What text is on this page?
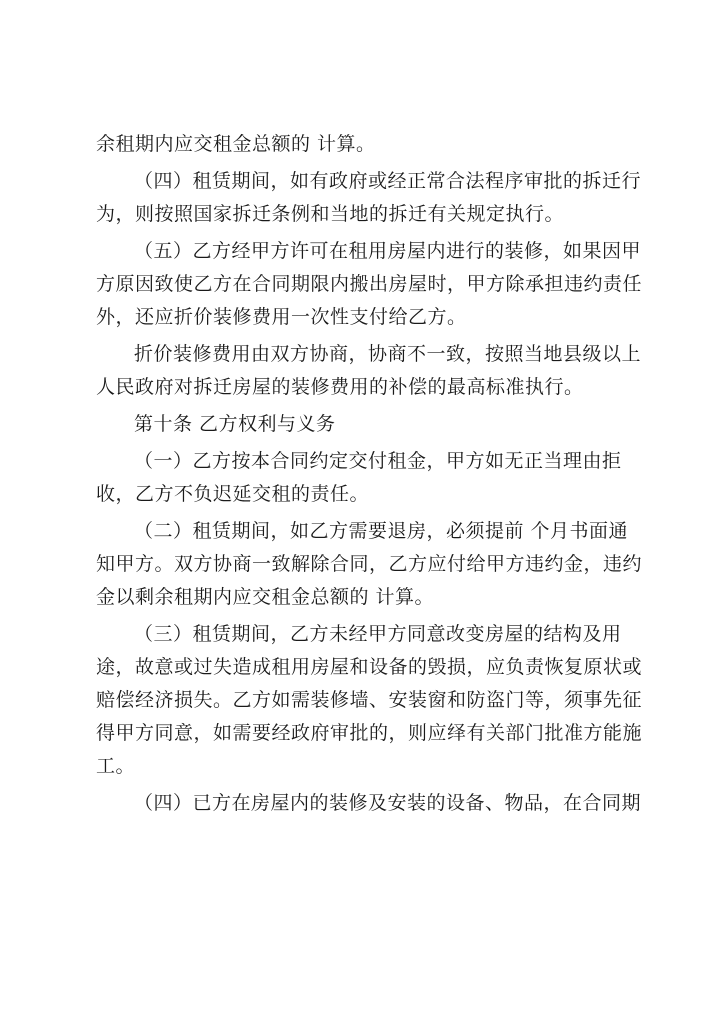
余租期内应交租金总额的 计算。

（四）租赁期间，如有政府或经正常合法程序审批的拆迁行
为，则按照国家拆迁条例和当地的拆迁有关规定执行。

（五）乙方经甲方许可在租用房屋内进行的装修，如果因甲
方原因致使乙方在合同期限内搬出房屋时，甲方除承担违约责任
外，还应折价装修费用一次性支付给乙方。

折价装修费用由双方协商，协商不一致，按照当地县级以上
人民政府对拆迁房屋的装修费用的补偿的最高标准执行。

第十条 乙方权利与义务

（一）乙方按本合同约定交付租金，甲方如无正当理由拒
收，乙方不负迟延交租的责任。

（二）租赁期间，如乙方需要退房，必须提前 个月书面通
知甲方。双方协商一致解除合同，乙方应付给甲方违约金，违约
金以剩余租期内应交租金总额的 计算。

（三）租赁期间，乙方未经甲方同意改变房屋的结构及用
途，故意或过失造成租用房屋和设备的毁损，应负责恢复原状或
赔偿经济损失。乙方如需装修墙、安装窗和防盗门等，须事先征
得甲方同意，如需要经政府审批的，则应绎有关部门批准方能施
工。

（四）已方在房屋内的装修及安装的设备、物品，在合同期
